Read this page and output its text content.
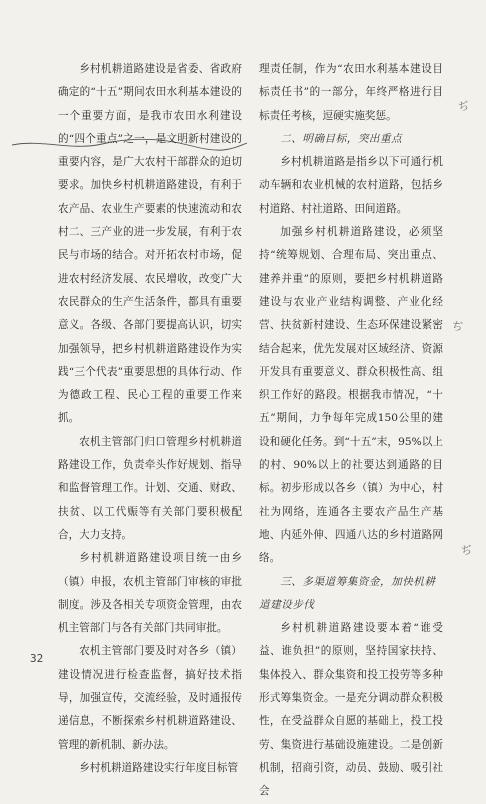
乡村机耕道路建设是省委、省政府确定的“十五”期间农田水利基本建设的一个重要方面，是我市农田水利建设的“四个重点”之一，是文明新村建设的重要内容，是广大农村干部群众的迫切要求。加快乡村机耕道路建设，有利于农产品、农业生产要素的快速流动和农村二、三产业的进一步发展，有利于农民与市场的结合。对开拓农村市场，促进农村经济发展、农民增收，改变广大农民群众的生产生活条件，都具有重要意义。各级、各部门要提高认识，切实加强领导，把乡村机耕道路建设作为实践“三个代表”重要思想的具体行动、作为德政工程、民心工程的重要工作来抓。

农机主管部门归口管理乡村机耕道路建设工作，负责牵头作好规划、指导和监督管理工作。计划、交通、财政、扶贫、以工代赈等有关部门要积极配合，大力支持。

乡村机耕道路建设项目统一由乡（镇）申报，农机主管部门审核的审批制度。涉及各相关专项资金管理，由农机主管部门与各有关部门共同审批。

农机主管部门要及时对各乡（镇）建设情况进行检查监督，搞好技术指导，加强宣传，交流经验，及时通报传递信息，不断探索乡村机耕道路建设、管理的新机制、新办法。

乡村机耕道路建设实行年度目标管

理责任制，作为“农田水利基本建设目标责任书”的一部分，年终严格进行目标责任考核，逗硬实施奖惩。

二、明确目标，突出重点

乡村机耕道路是指乡以下可通行机动车辆和农业机械的农村道路，包括乡村道路、村社道路、田间道路。

加强乡村机耕道路建设，必须坚持“统筹规划、合理布局、突出重点、建养并重”的原则，要把乡村机耕道路建设与农业产业结构调整、产业化经营、扶贫新村建设、生态环保建设紧密结合起来，优先发展对区域经济、资源开发具有重要意义、群众积极性高、组织工作好的路段。根据我市情况，“十五”期间，力争每年完成150公里的建设和硬化任务。到“十五”末，95%以上的村、90%以上的社要达到通路的目标。初步形成以各乡（镇）为中心，村社为网络，连通各主要农产品生产基地、内延外伸、四通八达的乡村道路网络。

三、多渠道筹集资金，加快机耕道建设步伐

乡村机耕道路建设要本着“谁受益、谁负担”的原则，坚持国家扶持、集体投入、群众集资和投工投劳等多种形式筹集资金。一是充分调动群众积极性，在受益群众自愿的基础上，投工投劳、集资进行基础设施建设。二是创新机制，招商引资，动员、鼓励、吸引社会

ぢ
ぢ
ぢ
32
